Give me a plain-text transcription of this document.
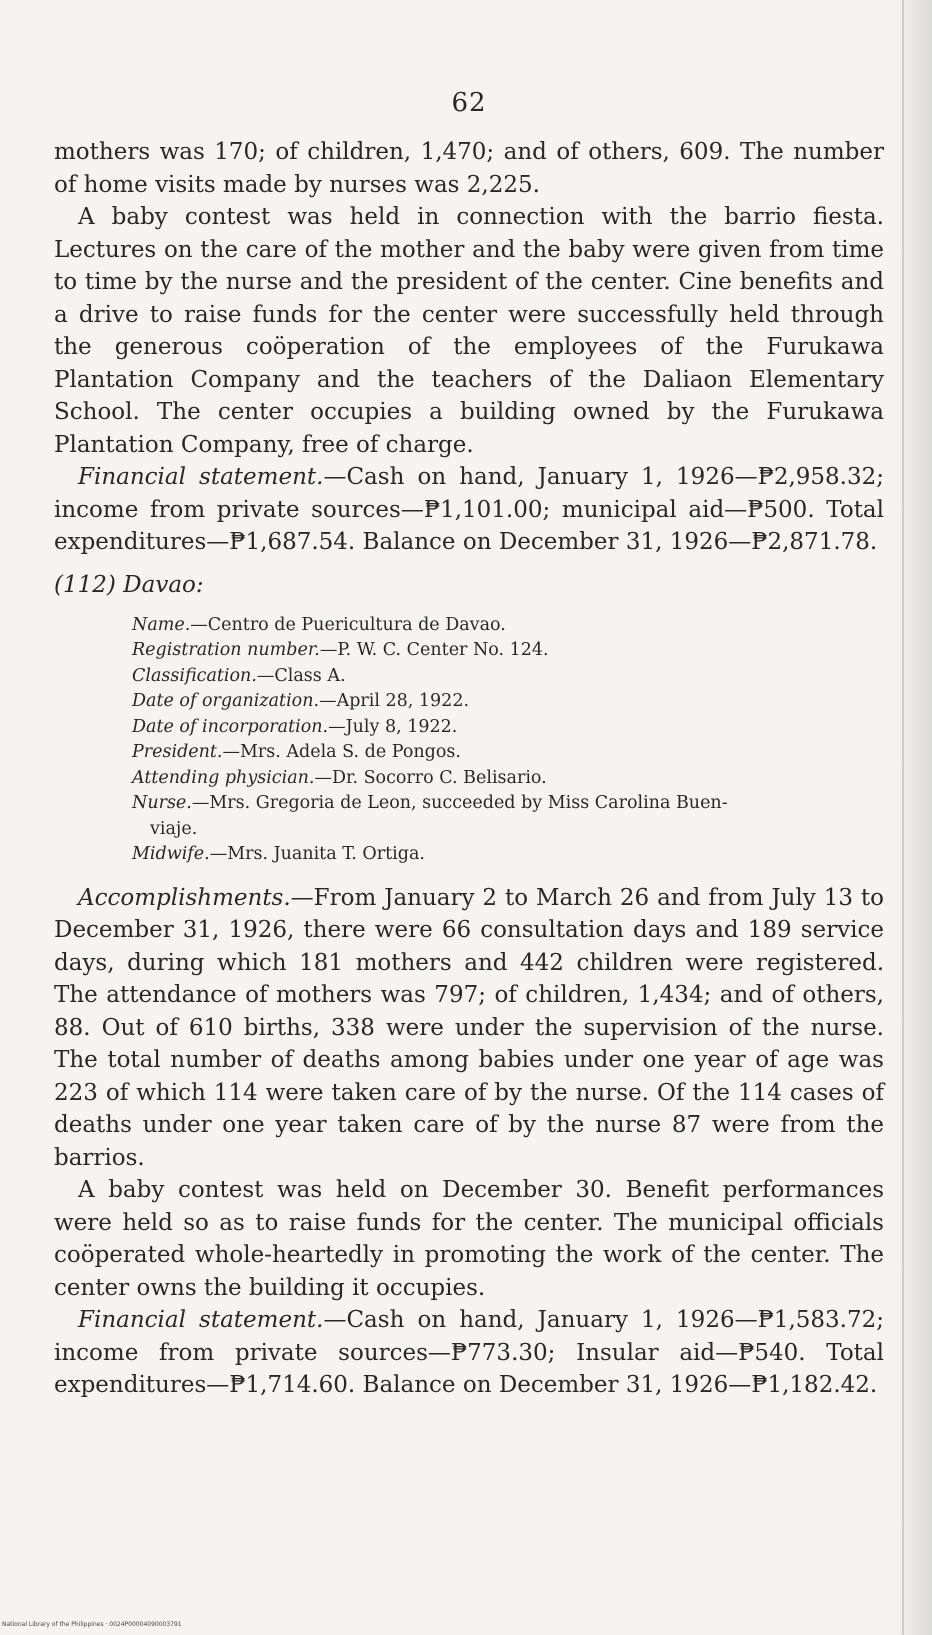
62

mothers was 170; of children, 1,470; and of others, 609. The number of home visits made by nurses was 2,225.

A baby contest was held in connection with the barrio fiesta. Lectures on the care of the mother and the baby were given from time to time by the nurse and the president of the center. Cine benefits and a drive to raise funds for the center were successfully held through the generous coöperation of the employees of the Furukawa Plantation Company and the teachers of the Daliaon Elementary School. The center occupies a building owned by the Furukawa Plantation Company, free of charge.

Financial statement.—Cash on hand, January 1, 1926—₱2,958.32; income from private sources—₱1,101.00; municipal aid—₱500. Total expenditures—₱1,687.54. Balance on December 31, 1926—₱2,871.78.

(112) Davao:
Name.—Centro de Puericultura de Davao.
Registration number.—P. W. C. Center No. 124.
Classification.—Class A.
Date of organization.—April 28, 1922.
Date of incorporation.—July 8, 1922.
President.—Mrs. Adela S. de Pongos.
Attending physician.—Dr. Socorro C. Belisario.
Nurse.—Mrs. Gregoria de Leon, succeeded by Miss Carolina Buen-
viaje.
Midwife.—Mrs. Juanita T. Ortiga.

Accomplishments.—From January 2 to March 26 and from July 13 to December 31, 1926, there were 66 consultation days and 189 service days, during which 181 mothers and 442 children were registered. The attendance of mothers was 797; of children, 1,434; and of others, 88. Out of 610 births, 338 were under the supervision of the nurse. The total number of deaths among babies under one year of age was 223 of which 114 were taken care of by the nurse. Of the 114 cases of deaths under one year taken care of by the nurse 87 were from the barrios.

A baby contest was held on December 30. Benefit performances were held so as to raise funds for the center. The municipal officials coöperated whole-heartedly in promoting the work of the center. The center owns the building it occupies.

Financial statement.—Cash on hand, January 1, 1926—₱1,583.72; income from private sources—₱773.30; Insular aid—₱540. Total expenditures—₱1,714.60. Balance on December 31, 1926—₱1,182.42.

National Library of the Philippines · 0024P00004090003791
